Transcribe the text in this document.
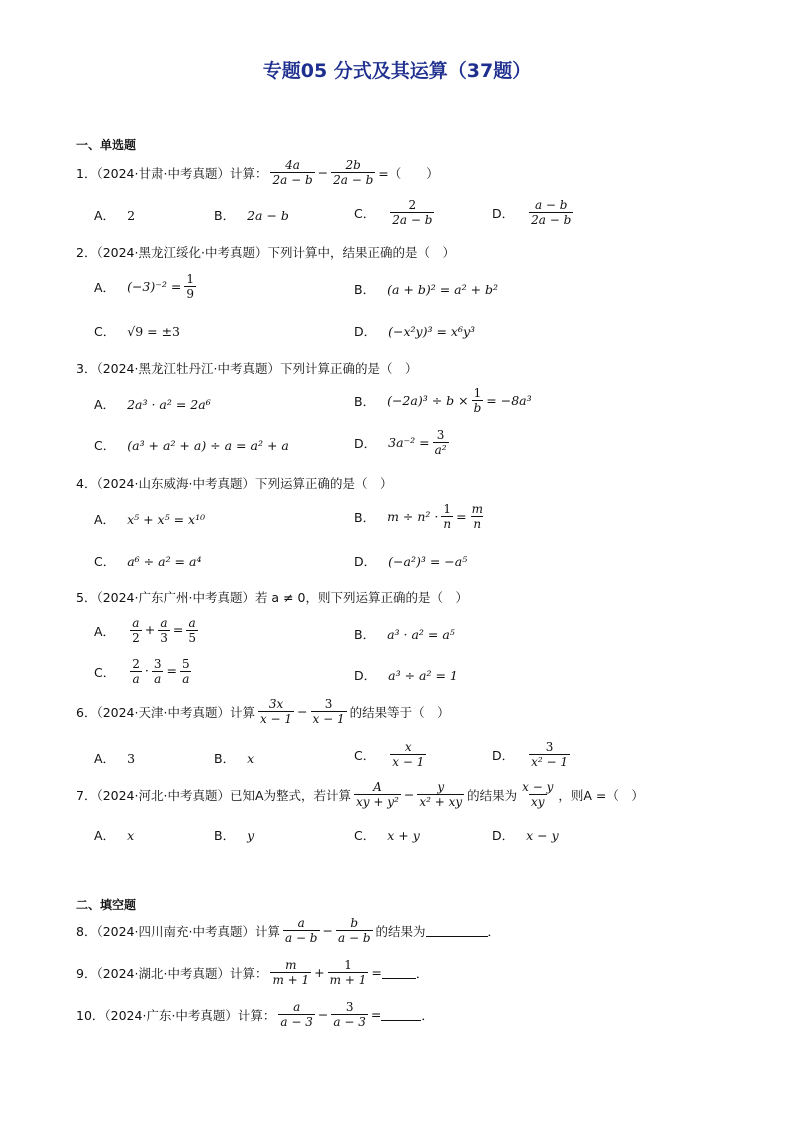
专题05 分式及其运算（37题）
一、单选题
1．（2024·甘肃·中考真题）计算： $\frac{4a}{2a - b} - \frac{2b}{2a - b}$ =（　　）
A． 2	B． 2a − b	C． $\frac{2}{2a - b}$	D． $\frac{a - b}{2a - b}$
2．（2024·黑龙江绥化·中考真题）下列计算中，结果正确的是（　）
A． $(-3)^{-2} = \frac{1}{9}$	B． (a + b)² = a² + b²
C． √9 = ±3	D． (−x²y)³ = x⁶y³
3．（2024·黑龙江牡丹江·中考真题）下列计算正确的是（　）
A． 2a³ · a² = 2a⁶	B． $(-2a)^3 \div b \times \frac{1}{b} = -8a^3$
C． (a³ + a² + a) ÷ a = a² + a	D． $3a^{-2} = \frac{3}{\text{a²}}$
4．（2024·山东威海·中考真题）下列运算正确的是（　）
A． x⁵ + x⁵ = x¹⁰	B． $m \div n^2 \cdot \frac{1}{n} = \frac{m}{n}$
C． a⁶ ÷ a² = a⁴	D． (−a²)³ = −a⁵
5．（2024·广东广州·中考真题）若 a ≠ 0，则下列运算正确的是（　）
A． $\frac{a}{2} + \frac{a}{3} = \frac{a}{5}$	B． a³ · a² = a⁵
C． $\frac{2}{a} \cdot \frac{3}{a} = \frac{5}{a}$	D． a³ ÷ a² = 1
6．（2024·天津·中考真题）计算 $\frac{3x}{x - 1} - \frac{3}{x - 1}$ 的结果等于（　）
A． 3	B． x	C． $\frac{x}{x - 1}$	D． $\frac{3}{\text{x² − 1}}$
7．（2024·河北·中考真题）已知A为整式，若计算 $\frac{A}{\text{xy + y²}} - \frac{y}{\text{x² + xy}}$ 的结果为 $\frac{x - y}{xy}$ ，则A =（　）
A． x	B． y	C． x + y	D． x − y
二、填空题
8．（2024·四川南充·中考真题）计算 $\frac{a}{a - b} - \frac{b}{a - b}$ 的结果为	．
9．（2024·湖北·中考真题）计算： $\frac{m}{m + 1} + \frac{1}{m + 1}$ =	．
10．（2024·广东·中考真题）计算： $\frac{a}{a - 3} - \frac{3}{a - 3}$ =	．
